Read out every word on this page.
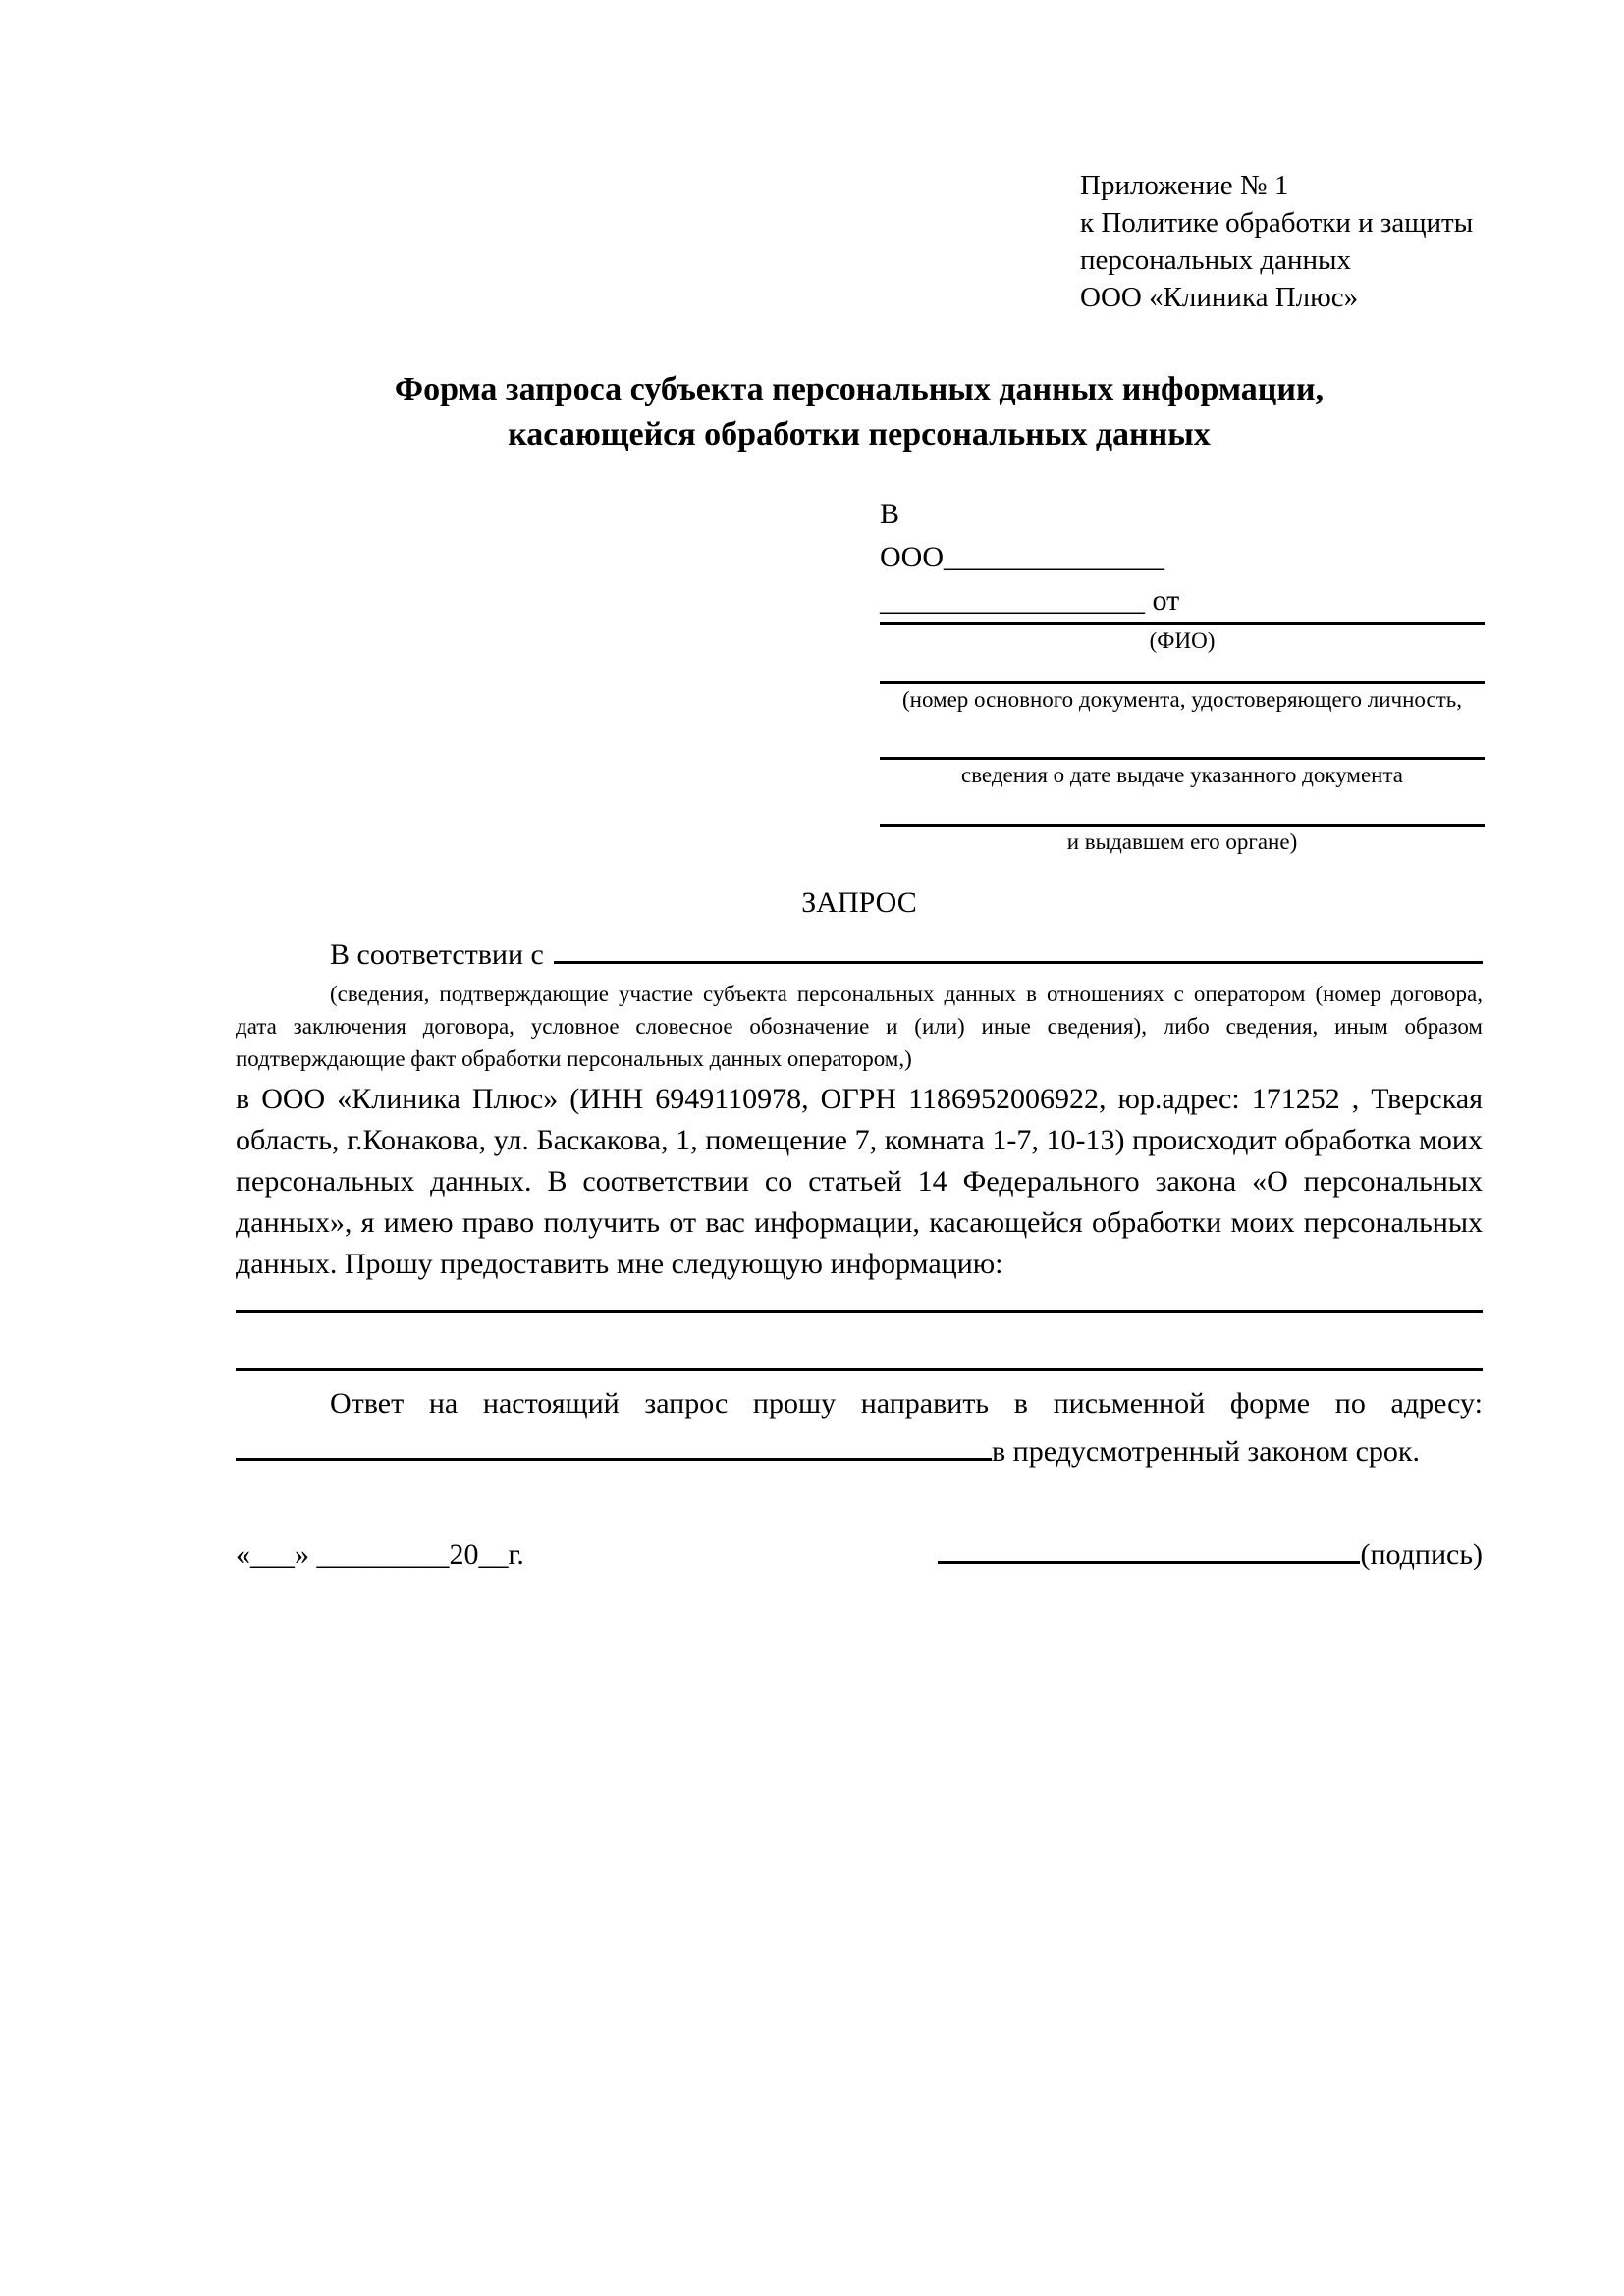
Приложение № 1
к Политике обработки и защиты
персональных данных
ООО «Клиника Плюс»
Форма запроса субъекта персональных данных информации,
касающейся обработки персональных данных
В
ООО_______________
__________________ от
(ФИО)
(номер основного документа, удостоверяющего личность,
сведения о дате выдаче указанного документа
и выдавшем его органе)
ЗАПРОС
В соответствии с

(сведения, подтверждающие участие субъекта персональных данных в отношениях с оператором (номер договора, дата заключения договора, условное словесное обозначение и (или) иные сведения), либо сведения, иным образом подтверждающие факт обработки персональных данных оператором,)

в ООО «Клиника Плюс» (ИНН 6949110978, ОГРН 1186952006922, юр.адрес: 171252 , Тверская область, г.Конакова, ул. Баскакова, 1, помещение 7, комната 1-7, 10-13) происходит обработка моих персональных данных. В соответствии со статьей 14 Федерального закона «О персональных данных», я имею право получить от вас информации, касающейся обработки моих персональных данных. Прошу предоставить мне следующую информацию:

Ответ на настоящий запрос прошу направить в письменной форме по адресу:

в предусмотренный законом срок.
«___» _________20__г.	(подпись)
